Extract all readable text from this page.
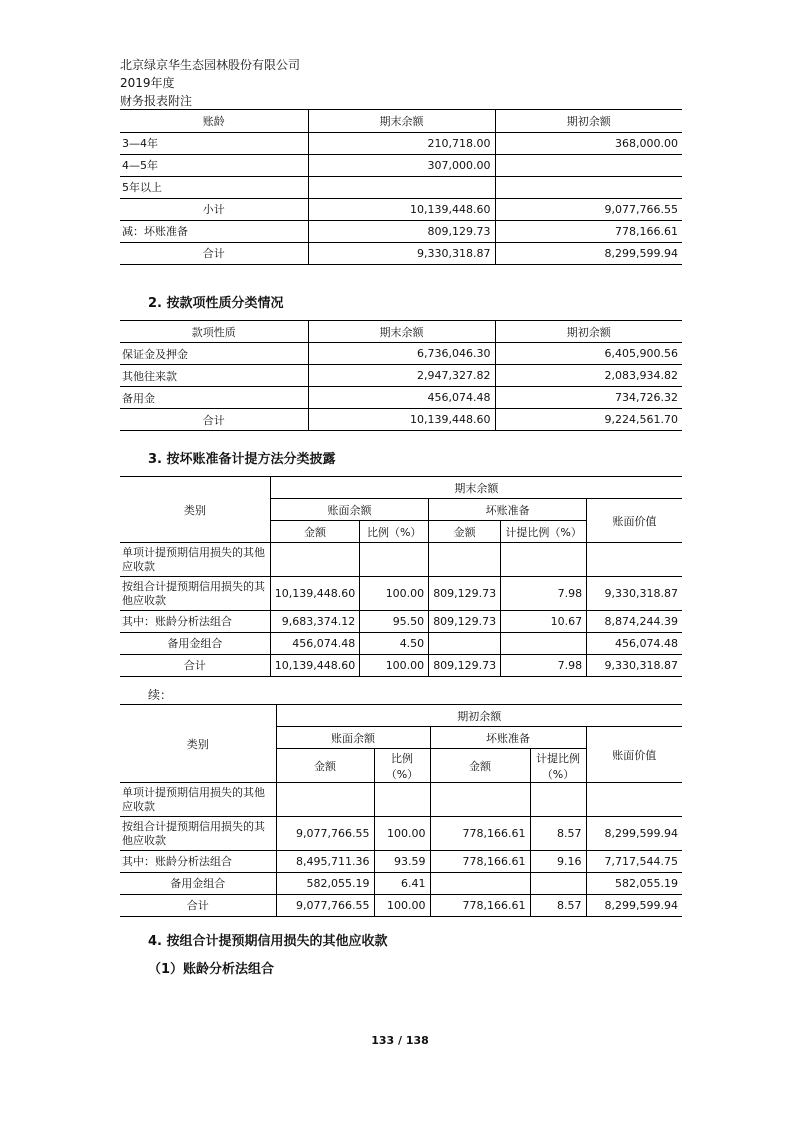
北京绿京华生态园林股份有限公司
2019年度
财务报表附注
账龄	期末余额	期初余额
3—4年	210,718.00	368,000.00
4—5年	307,000.00	
5年以上		
小计	10,139,448.60	9,077,766.55
减：坏账准备	809,129.73	778,166.61
合计	9,330,318.87	8,299,599.94
2. 按款项性质分类情况
款项性质	期末余额	期初余额
保证金及押金	6,736,046.30	6,405,900.56
其他往来款	2,947,327.82	2,083,934.82
备用金	456,074.48	734,726.32
合计	10,139,448.60	9,224,561.70
3. 按坏账准备计提方法分类披露
类别	期末余额				
	账面余额		坏账准备		账面价值
	金额	比例（%）	金额	计提比例（%）	
单项计提预期信用损失的其他应收款					
按组合计提预期信用损失的其他应收款	10,139,448.60	100.00	809,129.73	7.98	9,330,318.87
其中：账龄分析法组合	9,683,374.12	95.50	809,129.73	10.67	8,874,244.39
备用金组合	456,074.48	4.50			456,074.48
合计	10,139,448.60	100.00	809,129.73	7.98	9,330,318.87
续：
类别	期初余额				
	账面余额		坏账准备		账面价值
	金额	比例（%）	金额	计提比例（%）	
单项计提预期信用损失的其他应收款					
按组合计提预期信用损失的其他应收款	9,077,766.55	100.00	778,166.61	8.57	8,299,599.94
其中：账龄分析法组合	8,495,711.36	93.59	778,166.61	9.16	7,717,544.75
备用金组合	582,055.19	6.41			582,055.19
合计	9,077,766.55	100.00	778,166.61	8.57	8,299,599.94
4. 按组合计提预期信用损失的其他应收款
（1）账龄分析法组合
133 / 138
